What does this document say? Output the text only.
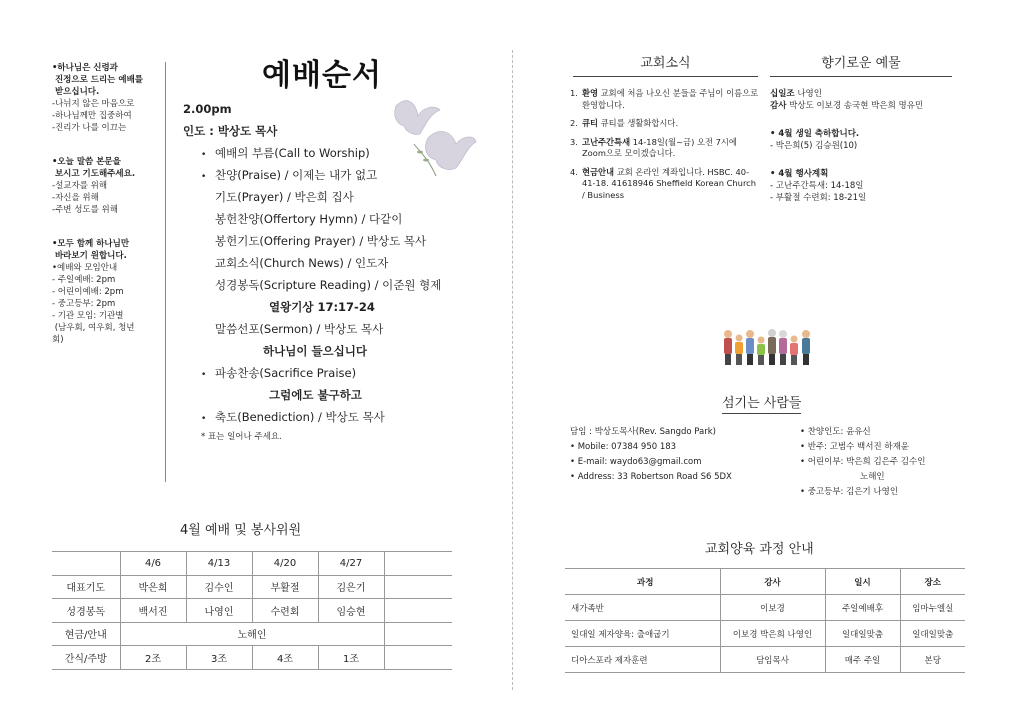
•하나님은 신령과
진정으로 드리는 예배를
받으십니다.
-나뉘지 않은 마음으로
-하나님께만 집중하여
-진리가 나를 이끄는
•오늘 말씀 본문을
보시고 기도해주세요.
-설교자를 위해
-자신을 위해
-주변 성도를 위해
•모두 함께 하나님만
바라보기 원합니다.
•예배와 모임안내
- 주일예배: 2pm
- 어린이예배: 2pm
- 중고등부: 2pm
- 기관 모임: 기관별
(남우회, 여우회, 청년
회)
예배순서
2.00pm
인도 : 박상도 목사
• 예배의 부름(Call to Worship)
• 찬양(Praise) / 이제는 내가 없고
기도(Prayer) / 박은희 집사
봉헌찬양(Offertory Hymn) / 다같이
봉헌기도(Offering Prayer) / 박상도 목사
교회소식(Church News) / 인도자
성경봉독(Scripture Reading) / 이준원 형제
열왕기상 17:17-24
말씀선포(Sermon) / 박상도 목사
하나님이 들으십니다
• 파송찬송(Sacrifice Praise)
그럼에도 불구하고
• 축도(Benediction) / 박상도 목사
* 표는 일어나 주세요.
4월 예배 및 봉사위원
	4/6	4/13	4/20	4/27	
대표기도	박은희	김수인	부활절	김은기	
성경봉독	백서진	나영인	수련회	임승현	
현금/안내	노해인				
간식/주방	2조	3조	4조	1조	
교회소식	향기로운 예물
1. 환영 교회에 처음 나오신 분들을 주님이 이름으로 환영합니다.
2. 큐티 큐티를 생활화합시다.
3. 고난주간특새 14-18일(월~금) 오전 7시에 Zoom으로 모이겠습니다.
4. 현금안내 교회 온라인 계좌입니다. HSBC. 40-41-18. 41618946 Sheffield Korean Church / Business
십일조 나영인
감사 박상도 이보경 송국현 박은희 명유민
• 4월 생일 축하합니다.
- 박은희(5) 김승원(10)
• 4월 행사계획
- 고난주간특새: 14-18일
- 부활절 수련회: 18-21일
섬기는 사람들
담임 : 박상도목사(Rev. Sangdo Park)
• Mobile: 07384 950 183
• E-mail: waydo63@gmail.com
• Address: 33 Robertson Road S6 5DX
• 찬양인도: 윤유신
• 반주: 고범수 백서진 하재윤
• 어린이부: 박은희 김은주 김수인
노해인
• 중고등부: 김은기 나영인
교회양육 과정 안내
과정	강사	일시	장소
새가족반	이보경	주일예배후	임마누엘실
일대일 제자양육: 출애굽기	이보경 박은희 나영인	일대일맞춤	일대일맞춤
디아스포라 제자훈련	담임목사	매주 주일	본당
